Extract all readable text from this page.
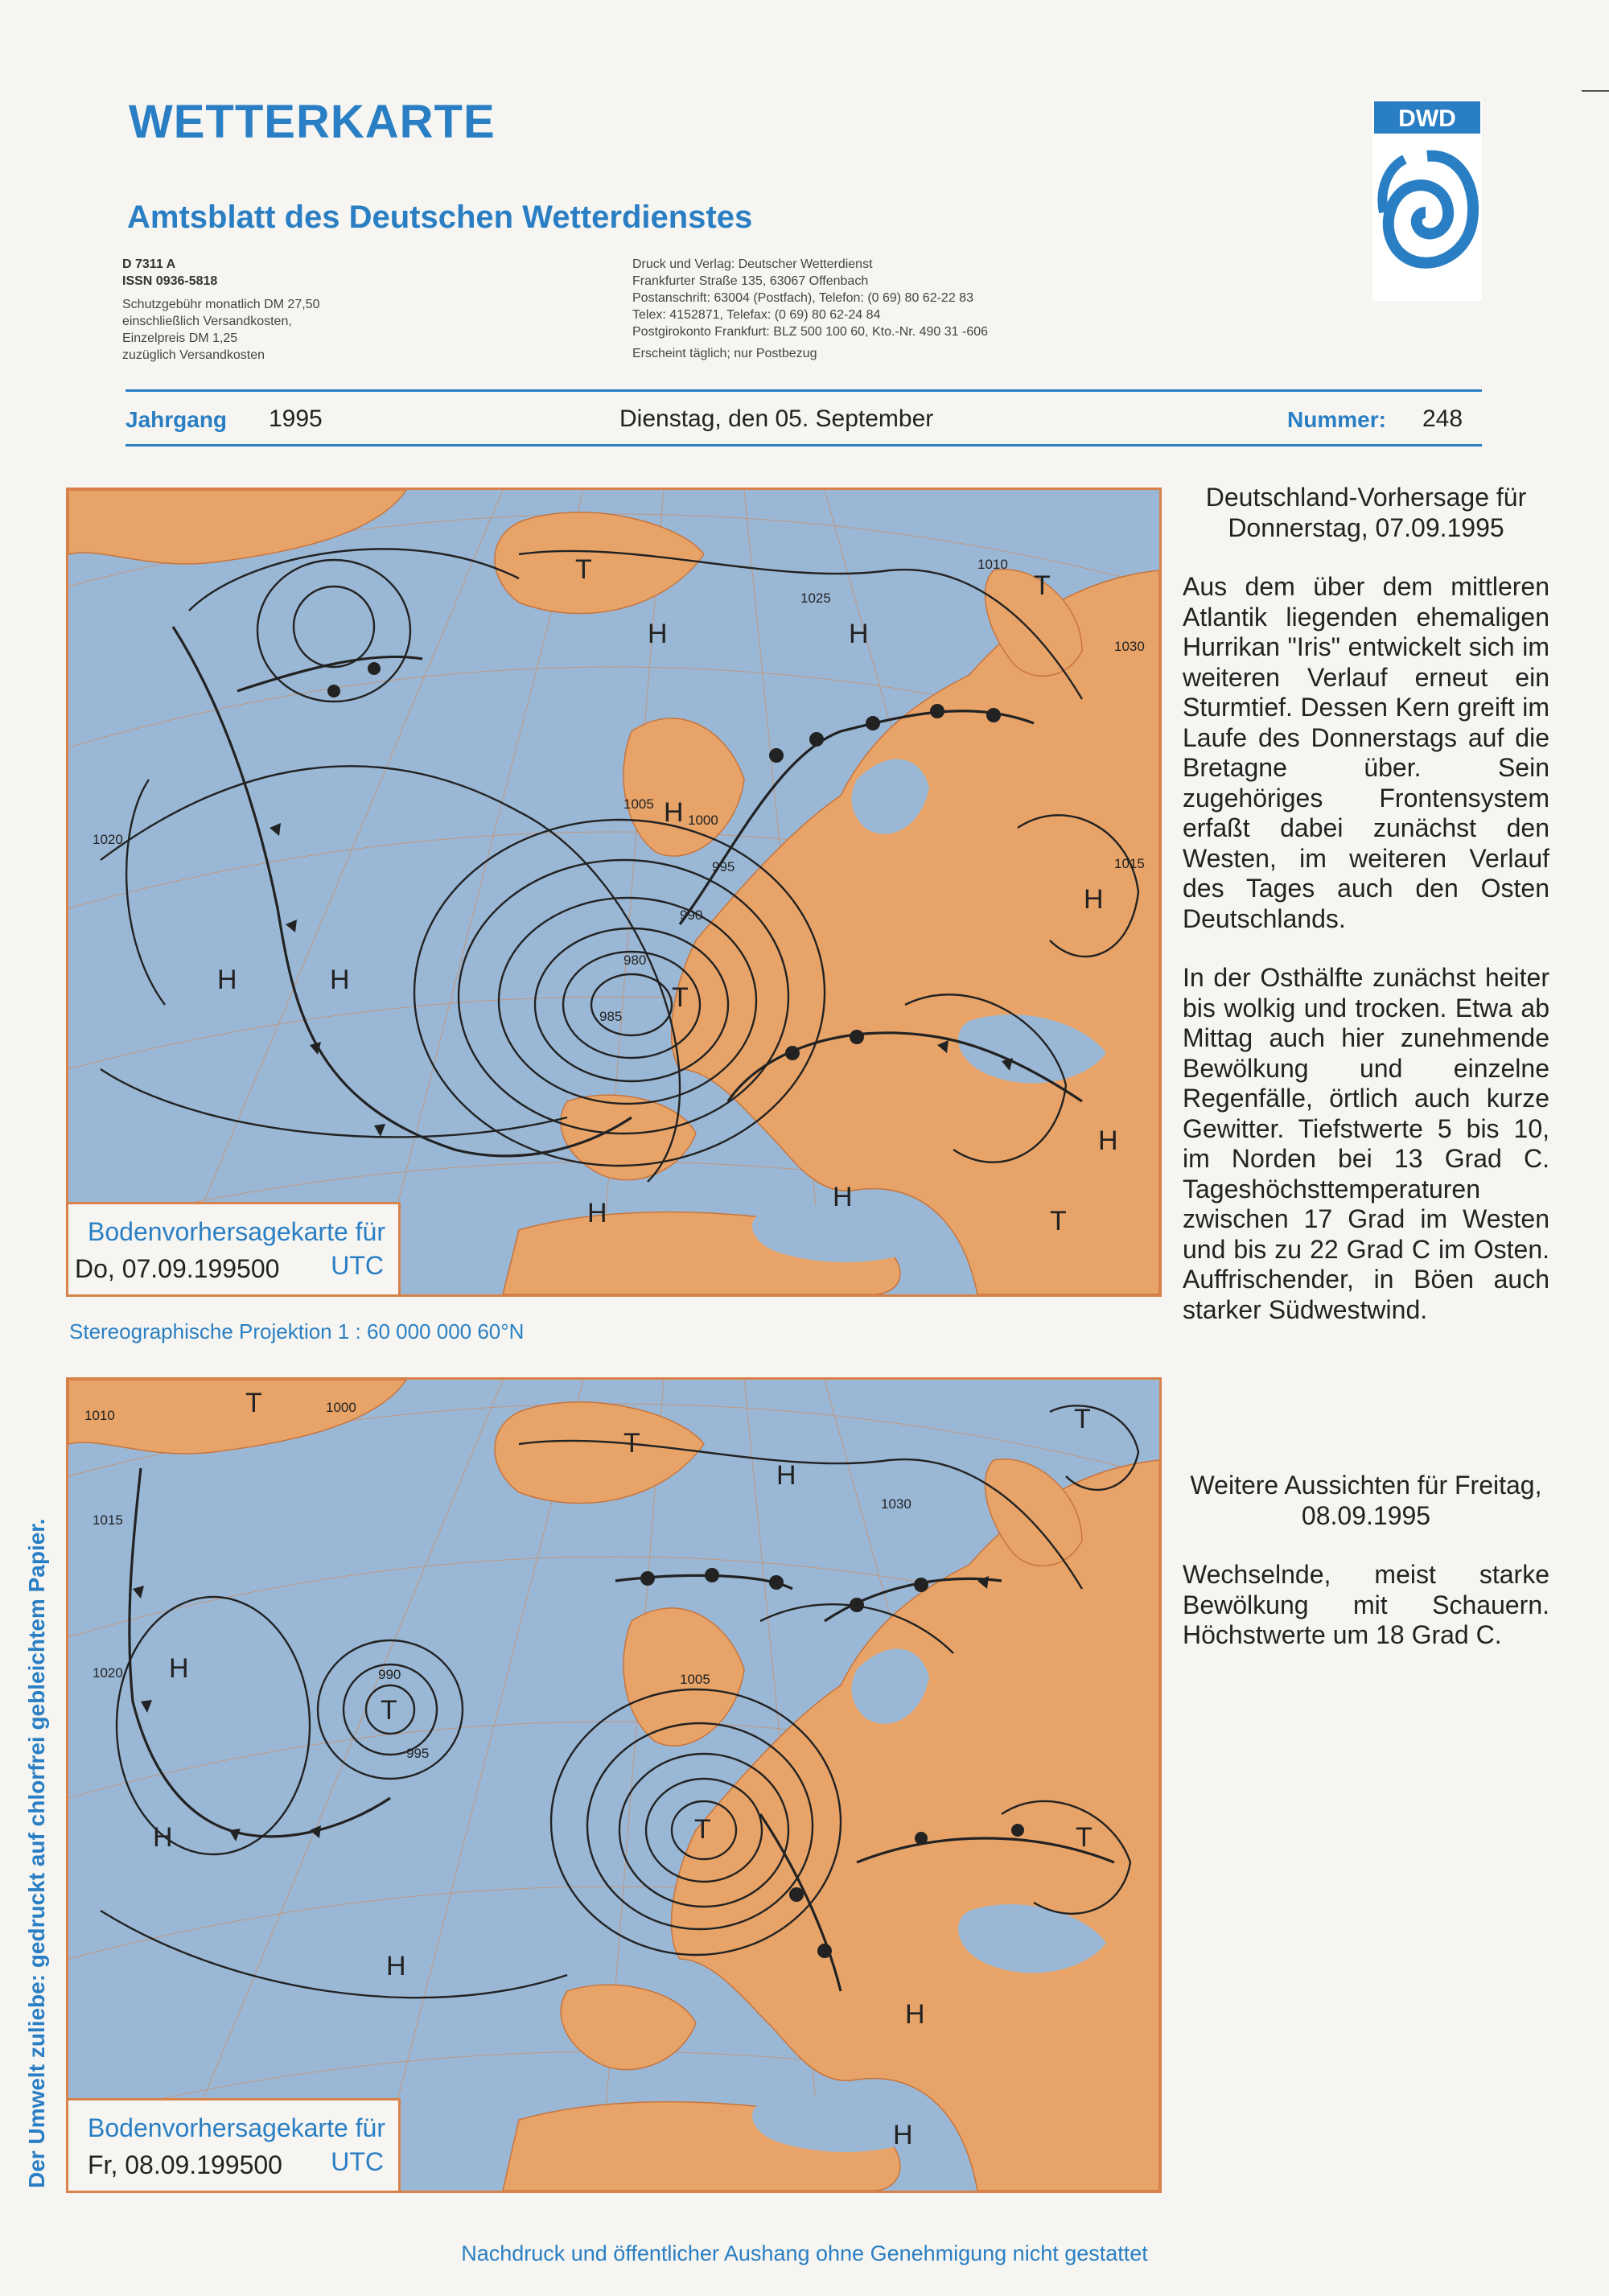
WETTERKARTE
Amtsblatt des Deutschen Wetterdienstes
D 7311 A
ISSN 0936-5818
Schutzgebühr monatlich DM 27,50
einschließlich Versandkosten,
Einzelpreis DM 1,25
zuzüglich Versandkosten
Druck und Verlag: Deutscher Wetterdienst
Frankfurter Straße 135, 63067 Offenbach
Postanschrift: 63004 (Postfach), Telefon: (0 69) 80 62-22 83
Telex: 4152871, Telefax: (0 69) 80 62-24 84
Postgirokonto Frankfurt: BLZ 500 100 60, Kto.-Nr. 490 31 -606
Erscheint täglich; nur Postbezug
DWD
Jahrgang 1995	Dienstag, den 05. September	Nummer: 248
H
T
H	H
T
H	H
T
H
H
H
T
H
1020
1005
1000
1025
995
990
980
985
1010
1015
1030
Bodenvorhersagekarte für
Do, 07.09.199500 UTC
Stereographische Projektion 1 : 60 000 000 60°N
T
T
T
H
H	T
H
T
T
H
H
H
1010
1015
1000
1020	990
995
1005
1030
Bodenvorhersagekarte für
Fr, 08.09.199500 UTC
Deutschland-Vorhersage für Donnerstag, 07.09.1995

Aus dem über dem mittleren Atlantik liegenden ehemaligen Hurrikan "Iris" entwickelt sich im weiteren Verlauf erneut ein Sturmtief. Dessen Kern greift im Laufe des Donnerstags auf die Bretagne über. Sein zugehöriges Frontensystem erfaßt dabei zunächst den Westen, im weiteren Verlauf des Tages auch den Osten Deutschlands.

In der Osthälfte zunächst heiter bis wolkig und trocken. Etwa ab Mittag auch hier zunehmende Bewölkung und einzelne Regenfälle, örtlich auch kurze Gewitter. Tiefstwerte 5 bis 10, im Norden bei 13 Grad C. Tageshöchsttemperaturen zwischen 17 Grad im Westen und bis zu 22 Grad C im Osten. Auffrischender, in Böen auch starker Südwestwind.

Weitere Aussichten für Freitag, 08.09.1995

Wechselnde, meist starke Bewölkung mit Schauern. Höchstwerte um 18 Grad C.

Der Umwelt zuliebe: gedruckt auf chlorfrei gebleichtem Papier.
Nachdruck und öffentlicher Aushang ohne Genehmigung nicht gestattet
